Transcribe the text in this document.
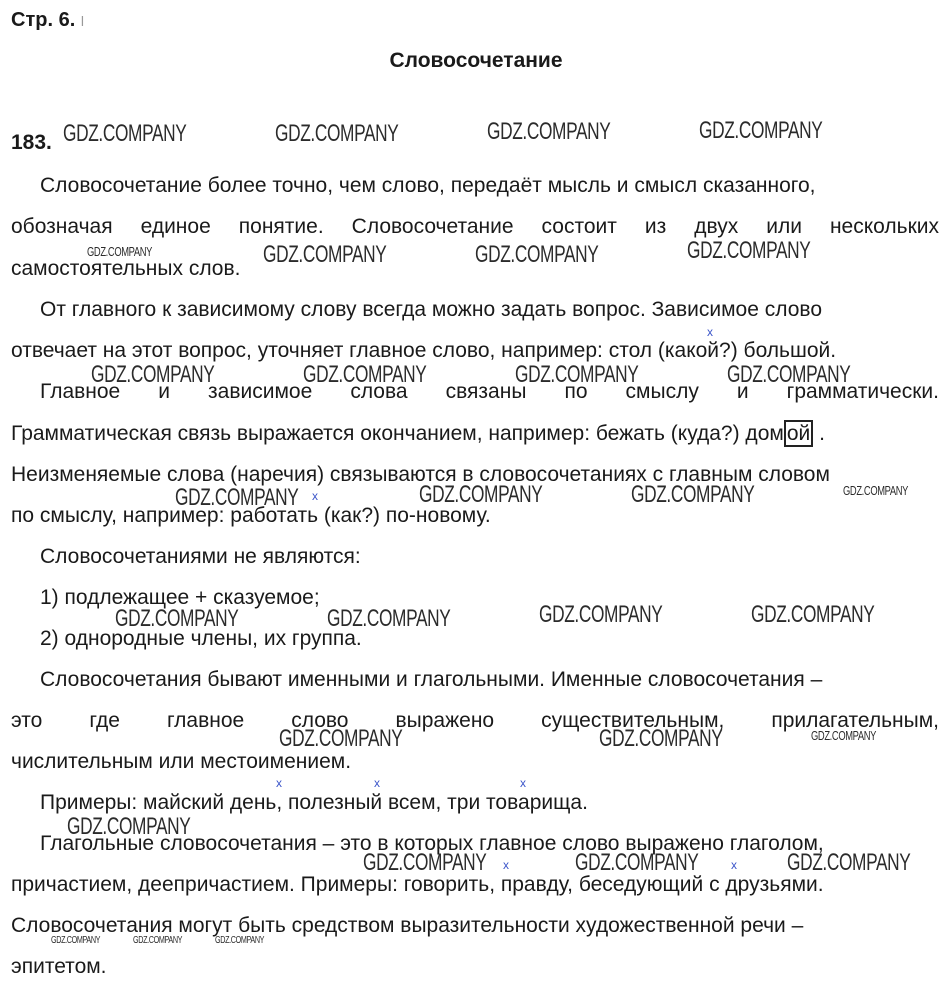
Стр. 6. l
Словосочетание
183.
Словосочетание более точно, чем слово, передаёт мысль и смысл сказанного,
обозначая единое понятие. Словосочетание состоит из двух или нескольких
самостоятельных слов.
От главного к зависимому слову всегда можно задать вопрос. Зависимое слово
отвечает на этот вопрос, уточняет главное слово, например: стол (какой?) большой.
Главное и зависимое слова связаны по смыслу и грамматически.
Грамматическая связь выражается окончанием, например: бежать (куда?) дом ой .
Неизменяемые слова (наречия) связываются в словосочетаниях с главным словом
по смыслу, например: работать (как?) по-новому.
Словосочетаниями не являются:
1) подлежащее + сказуемое;
2) однородные члены, их группа.
Словосочетания бывают именными и глагольными. Именные словосочетания –
это где главное слово выражено существительным, прилагательным,
числительным или местоимением.
Примеры: майский день, полезный всем, три товарища.
Глагольные словосочетания – это в которых главное слово выражено глаголом,
причастием, деепричастием. Примеры: говорить, правду, беседующий с друзьями.
Словосочетания могут быть средством выразительности художественной речи –
эпитетом.
GDZ.COMPANY	GDZ.COMPANY	GDZ.COMPANY	GDZ.COMPANY
GDZ.COMPANY	GDZ.COMPANY	GDZ.COMPANY
GDZ.COMPANY	GDZ.COMPANY	GDZ.COMPANY	GDZ.COMPANY
GDZ.COMPANY	GDZ.COMPANY	GDZ.COMPANY
GDZ.COMPANY	GDZ.COMPANY	GDZ.COMPANY	GDZ.COMPANY
GDZ.COMPANY	GDZ.COMPANY
GDZ.COMPANY
GDZ.COMPANY	GDZ.COMPANY	GDZ.COMPANY
GDZ.COMPANY
GDZ.COMPANY
GDZ.COMPANY
GDZ.COMPANY	GDZ.COMPANY	GDZ.COMPANY
x
x
x	x	x
x	x
